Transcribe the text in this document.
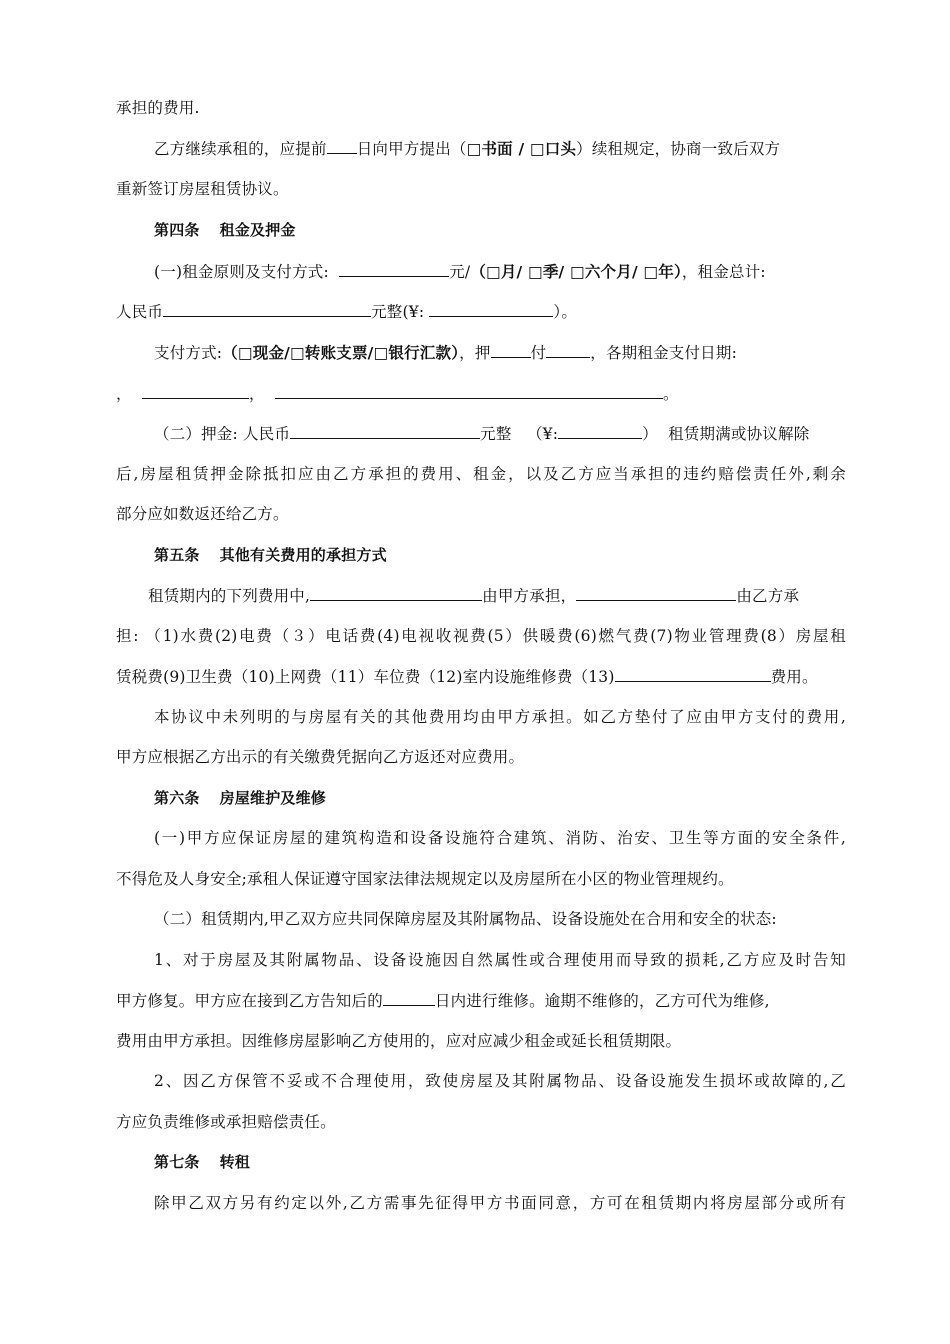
承担的费用.
乙方继续承租的，应提前 日向甲方提出（□书面 / □口头）续租规定，协商一致后双方
重新签订房屋租赁协议。
第四条 租金及押金
(一)租金原则及支付方式:	元/（□月/ □季/ □六个月/ □年），租金总计:
人民币	元整(¥:	）。
支付方式:（□现金/□转账支票/□银行汇款），押	付	，各期租金支付日期:
，	，	。
（二）押金: 人民币	元整 （¥:	） 租赁期满或协议解除
后,房屋租赁押金除抵扣应由乙方承担的费用、租金，以及乙方应当承担的违约赔偿责任外,剩余
部分应如数返还给乙方。
第五条 其他有关费用的承担方式
租赁期内的下列费用中,	由甲方承担，	由乙方承
担: （1)水费(2)电费（３）电话费(4)电视收视费(5）供暖费(6)燃气费(7)物业管理费(8）房屋租
赁税费(9)卫生费（10)上网费（11）车位费（12)室内设施维修费（13)	费用。
本协议中未列明的与房屋有关的其他费用均由甲方承担。如乙方垫付了应由甲方支付的费用,
甲方应根据乙方出示的有关缴费凭据向乙方返还对应费用。
第六条 房屋维护及维修
(一)甲方应保证房屋的建筑构造和设备设施符合建筑、消防、治安、卫生等方面的安全条件,
不得危及人身安全;承租人保证遵守国家法律法规规定以及房屋所在小区的物业管理规约。
（二）租赁期内,甲乙双方应共同保障房屋及其附属物品、设备设施处在合用和安全的状态:
1、对于房屋及其附属物品、设备设施因自然属性或合理使用而导致的损耗,乙方应及时告知
甲方修复。甲方应在接到乙方告知后的	日内进行维修。逾期不维修的，乙方可代为维修,
费用由甲方承担。因维修房屋影响乙方使用的，应对应减少租金或延长租赁期限。
2、因乙方保管不妥或不合理使用，致使房屋及其附属物品、设备设施发生损坏或故障的,乙
方应负责维修或承担赔偿责任。
第七条 转租
除甲乙双方另有约定以外,乙方需事先征得甲方书面同意，方可在租赁期内将房屋部分或所有
